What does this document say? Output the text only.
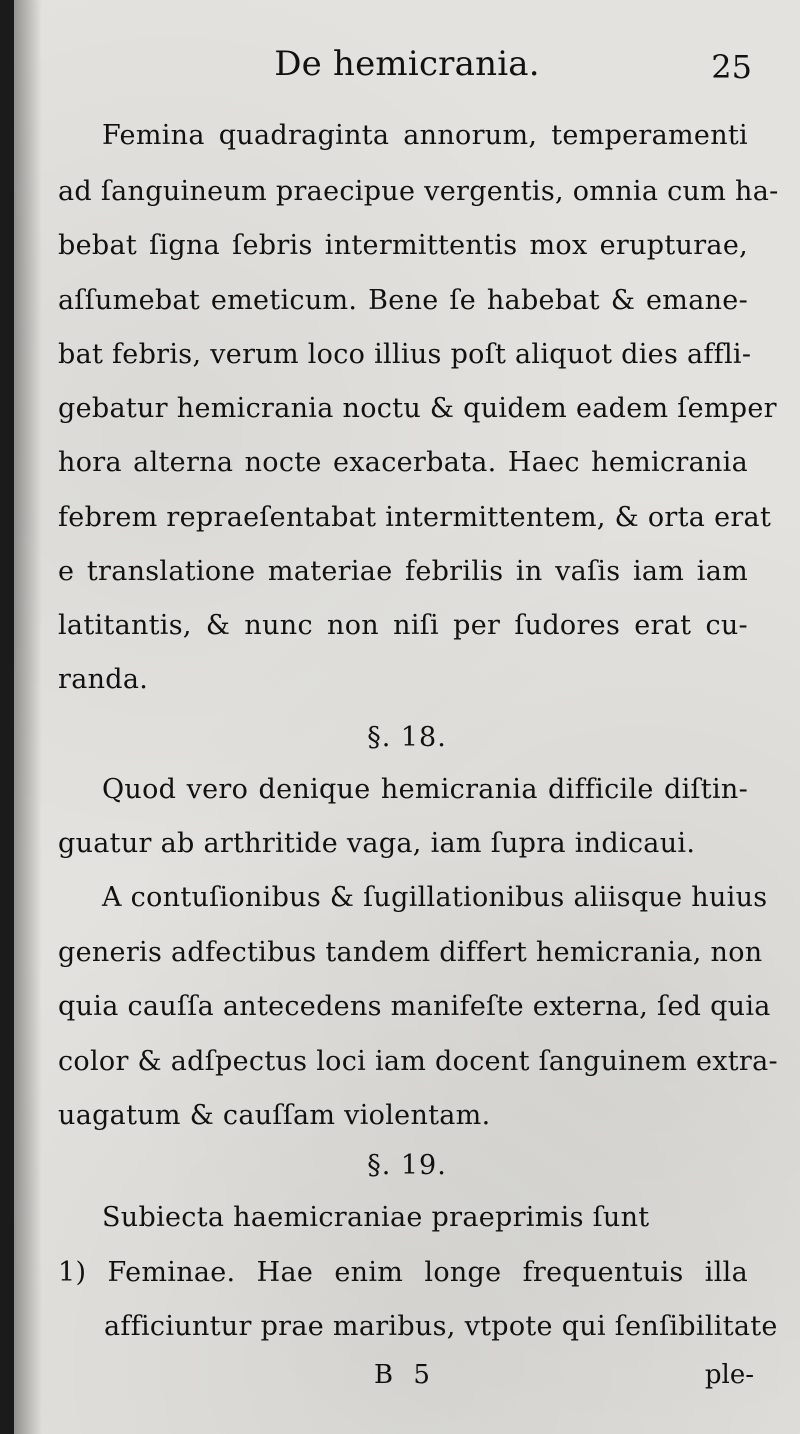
De hemicrania.	25
Femina quadraginta annorum, temperamenti
ad ſanguineum praecipue vergentis, omnia cum ha-
bebat ſigna ſebris intermittentis mox erupturae,
aſſumebat emeticum. Bene ſe habebat & emane-
bat febris, verum loco illius poſt aliquot dies affli-
gebatur hemicrania noctu & quidem eadem ſemper
hora alterna nocte exacerbata. Haec hemicrania
febrem repraeſentabat intermittentem, & orta erat
e translatione materiae febrilis in vaſis iam iam
latitantis, & nunc non niſi per ſudores erat cu-
randa.
§. 18.
Quod vero denique hemicrania difficile diſtin-
guatur ab arthritide vaga, iam ſupra indicaui.
A contuſionibus & ſugillationibus aliisque huius
generis adfectibus tandem differt hemicrania, non
quia cauſſa antecedens manifeſte externa, ſed quia
color & adſpectus loci iam docent ſanguinem extra-
uagatum & cauſſam violentam.
§. 19.
Subiecta haemicraniae praeprimis ſunt
1) Feminae. Hae enim longe frequentuis illa
afficiuntur prae maribus, vtpote qui ſenſibilitate
B 5	ple-
